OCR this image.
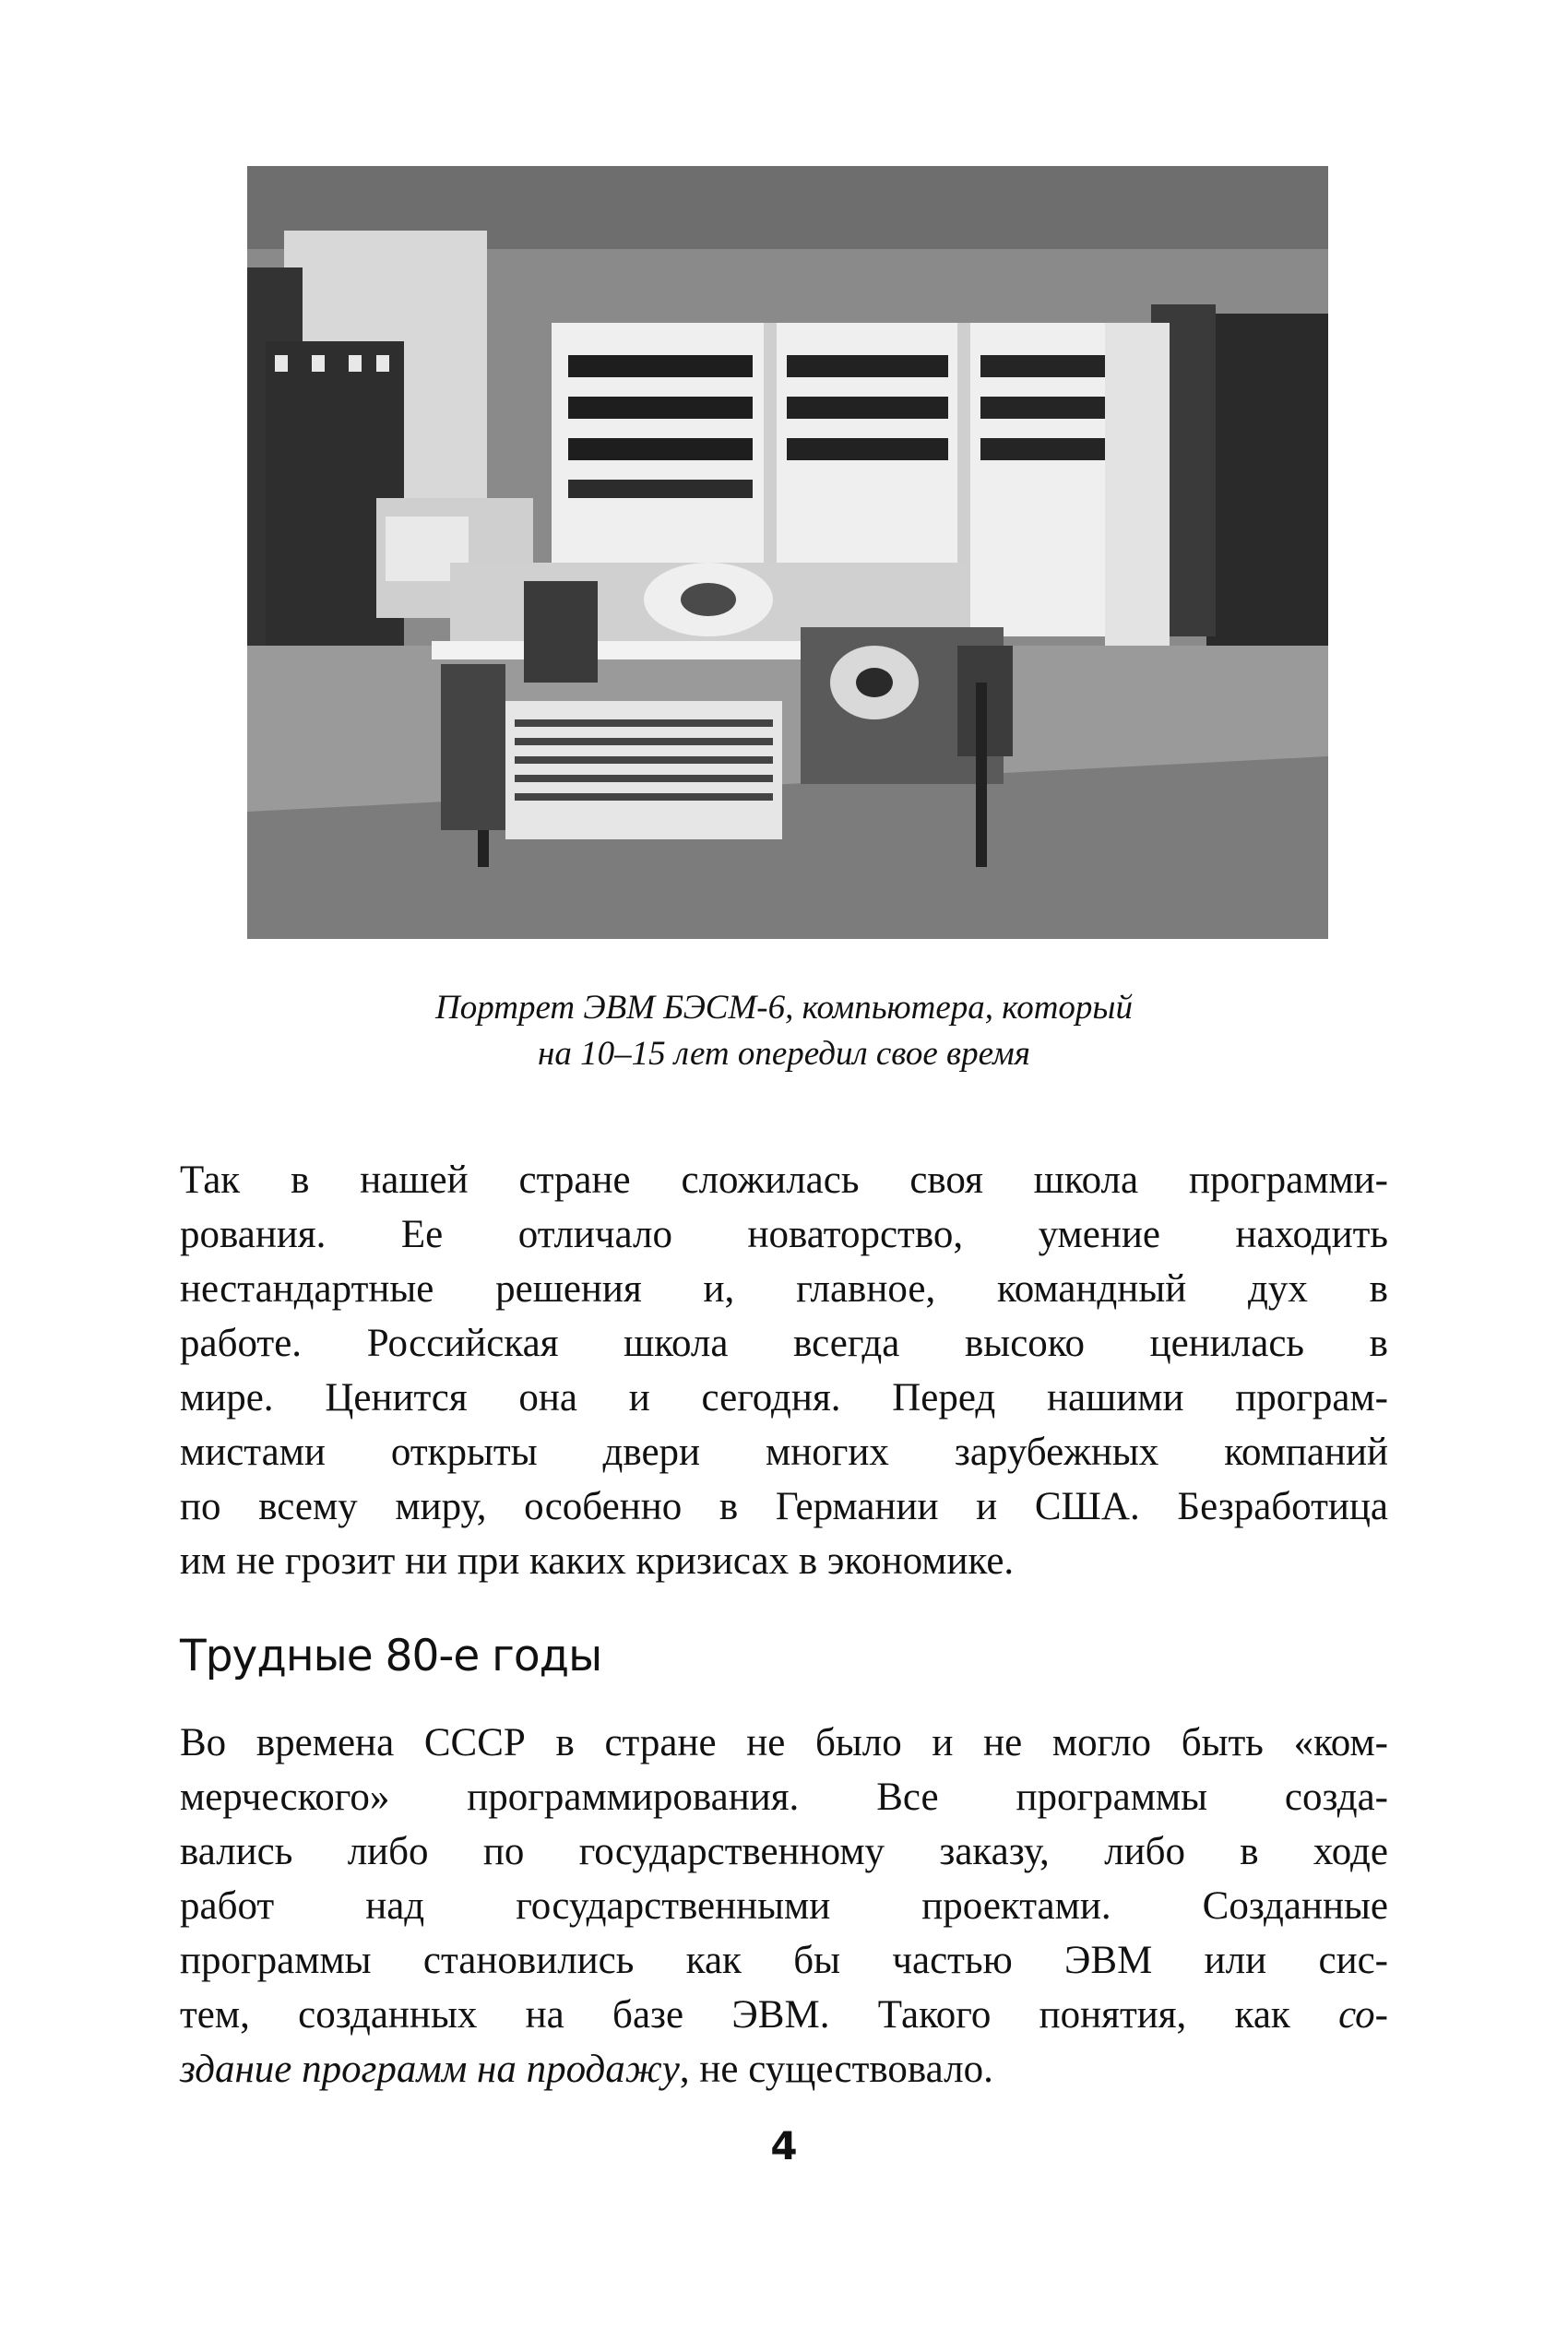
Портрет ЭВМ БЭСМ-6, компьютера, который
на 10–15 лет опередил свое время
Так в нашей стране сложилась своя школа программи-
рования. Ее отличало новаторство, умение находить
нестандартные решения и, главное, командный дух в
работе. Российская школа всегда высоко ценилась в
мире. Ценится она и сегодня. Перед нашими програм-
мистами открыты двери многих зарубежных компаний
по всему миру, особенно в Германии и США. Безработица
им не грозит ни при каких кризисах в экономике.
Трудные 80-е годы
Во времена СССР в стране не было и не могло быть «ком-
мерческого» программирования. Все программы созда-
вались либо по государственному заказу, либо в ходе
работ над государственными проектами. Созданные
программы становились как бы частью ЭВМ или сис-
тем, созданных на базе ЭВМ. Такого понятия, как со-
здание программ на продажу, не существовало.
4
